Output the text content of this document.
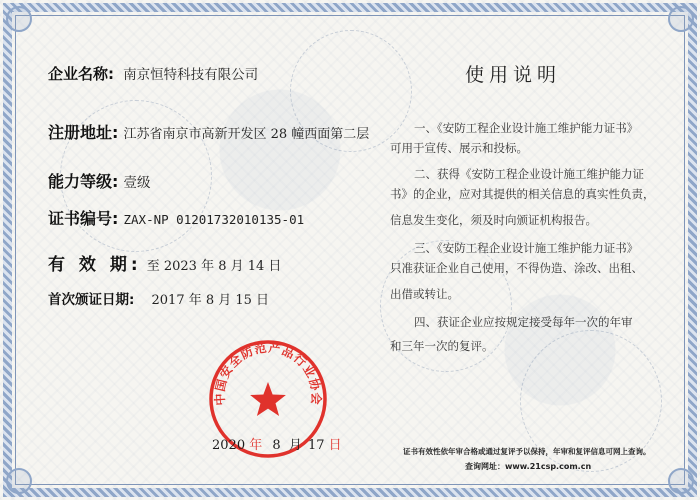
企业名称: 南京恒特科技有限公司
注册地址: 江苏省南京市高新开发区 28 幢西面第二层
能力等级: 壹级
证书编号: ZAX-NP 01201732010135-01
有 效 期: 至 2023 年 8 月 14 日
首次颁证日期: 2017 年 8 月 15 日
使用说明
一、《安防工程企业设计施工维护能力证书》
可用于宣传、展示和投标。
二、获得《安防工程企业设计施工维护能力证
书》的企业，应对其提供的相关信息的真实性负责，
信息发生变化，须及时向颁证机构报告。
三、《安防工程企业设计施工维护能力证书》
只准获证企业自己使用，不得伪造、涂改、出租、
出借或转让。
四、获证企业应按规定接受每年一次的年审
和三年一次的复评。
中国安全防范产品行业协会
2020 年 8 月 17 日	证书有效性依年审合格或通过复评予以保持，年审和复评信息可网上查询。
查询网址：www.21csp.com.cn
